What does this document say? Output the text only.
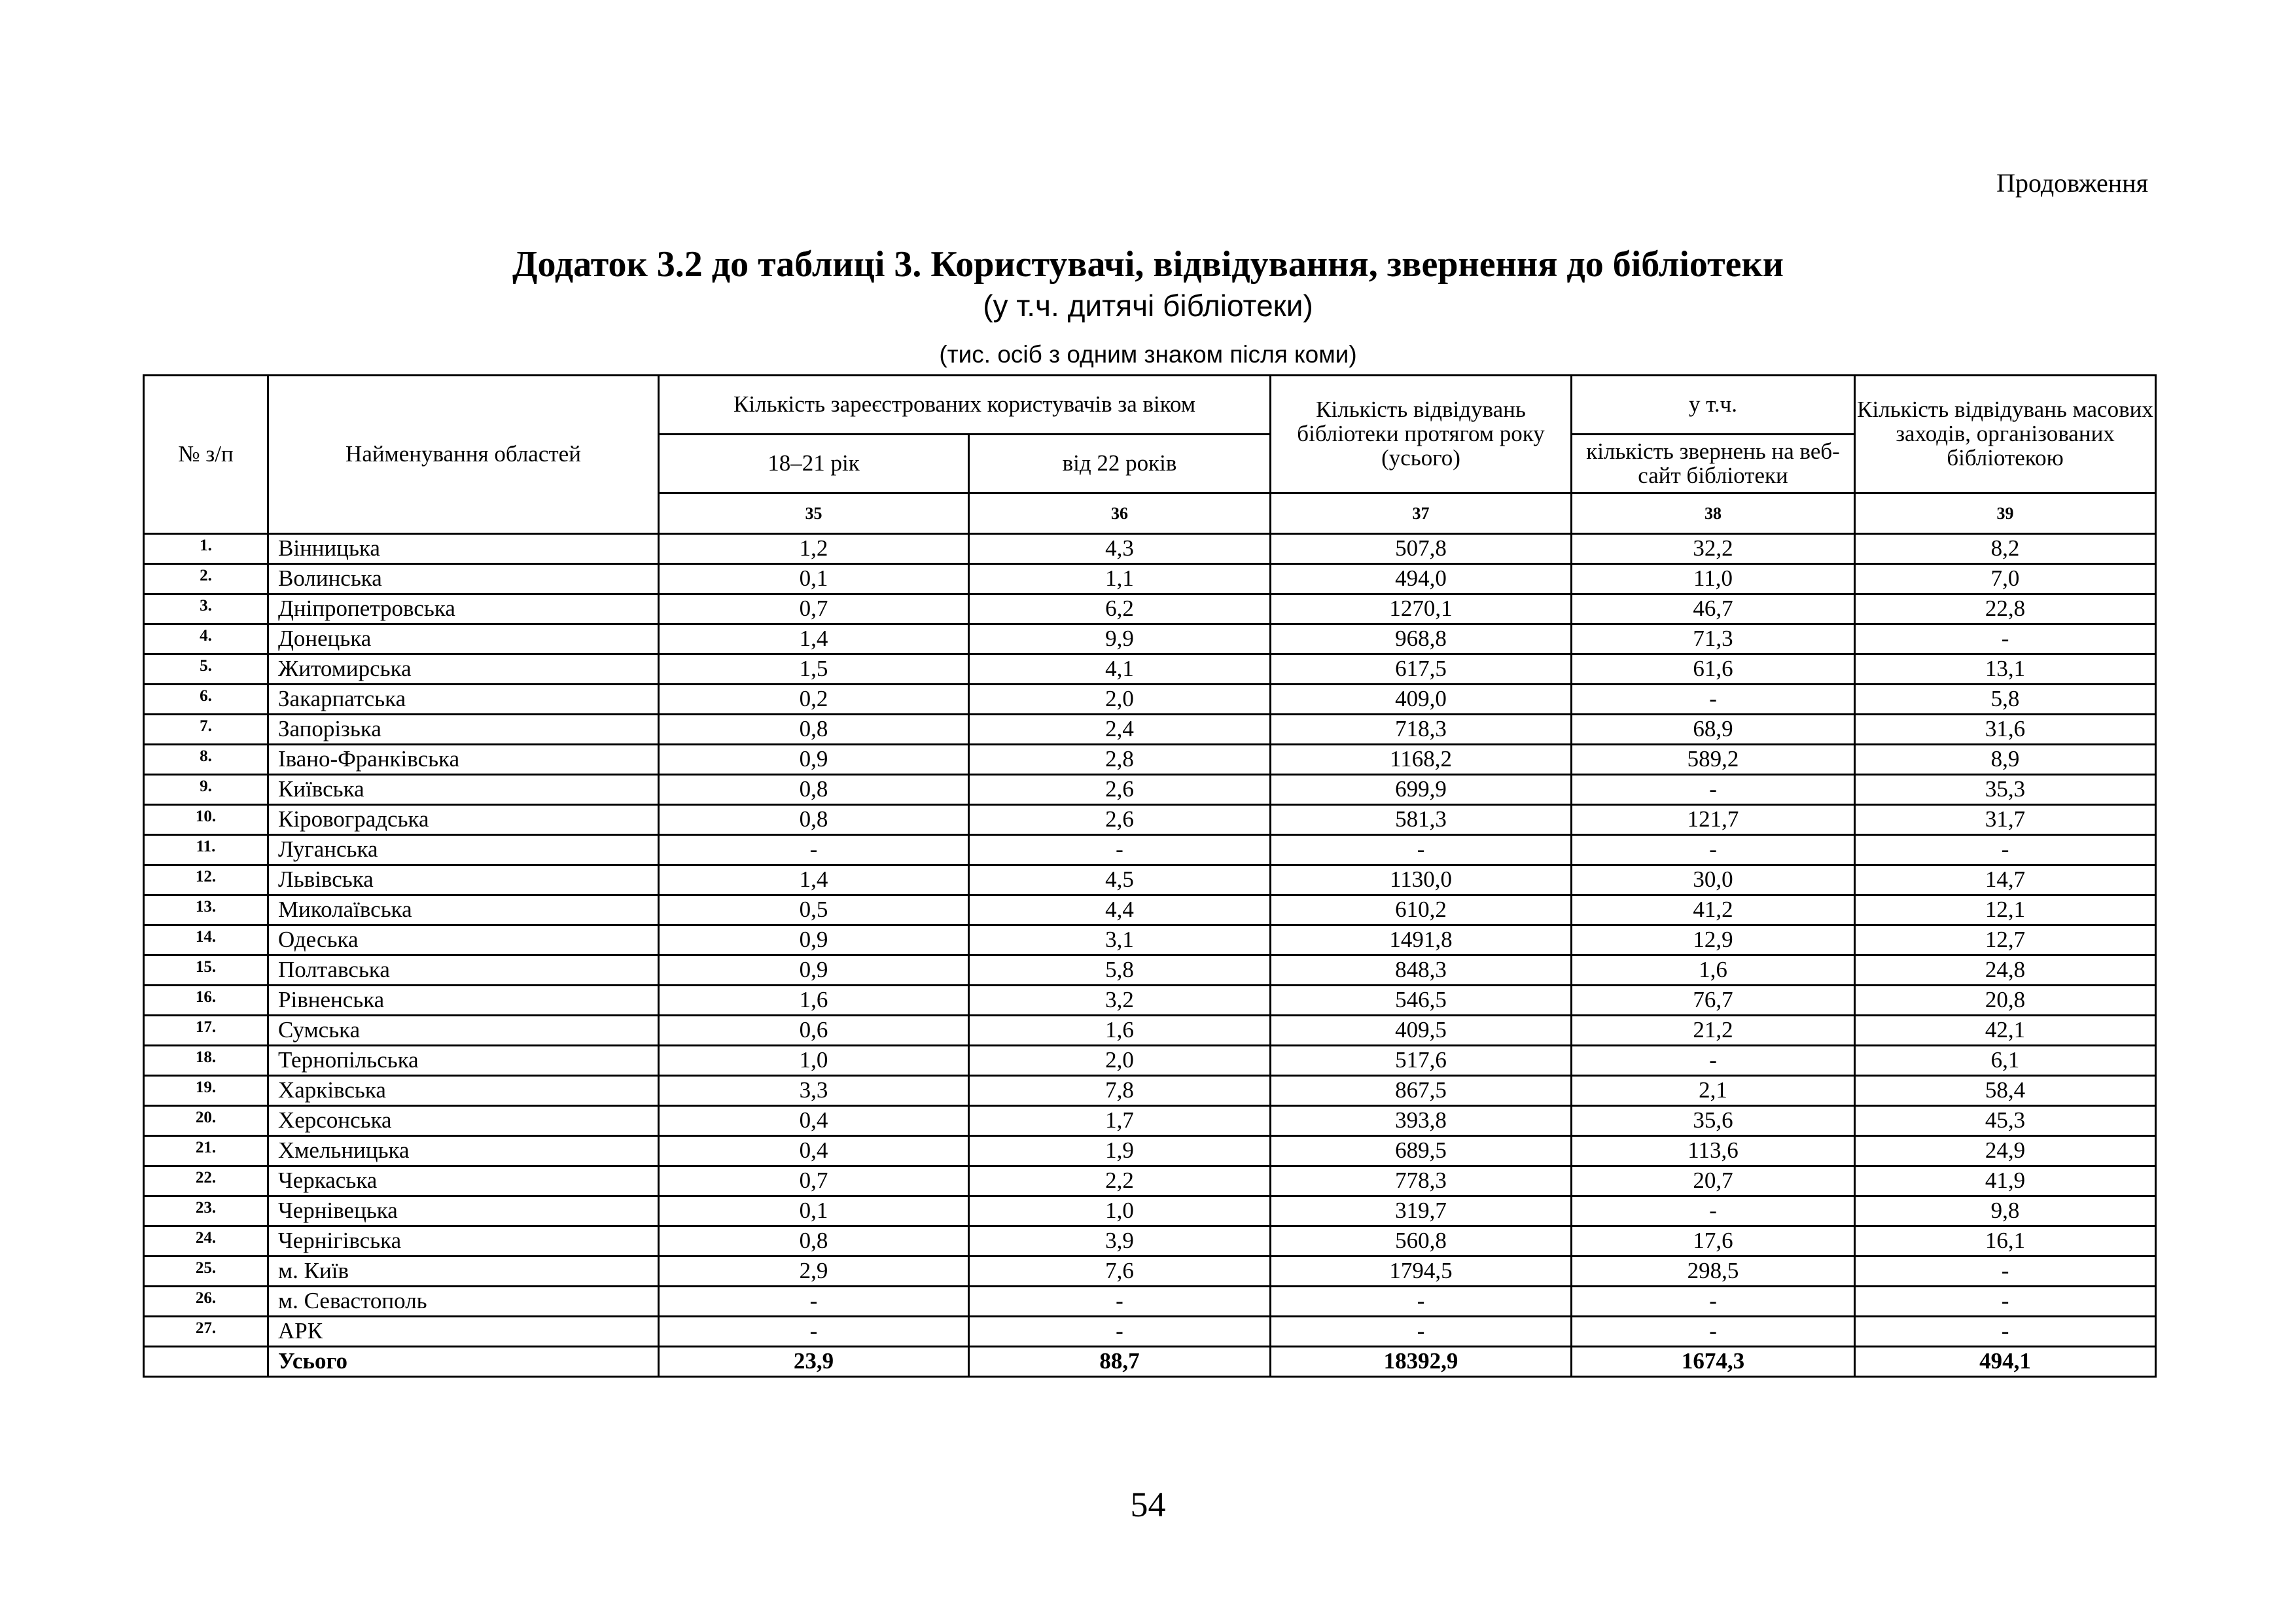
Продовження
Додаток 3.2 до таблиці 3. Користувачі, відвідування, звернення до бібліотеки
(у т.ч. дитячі бібліотеки)
(тис. осіб з одним знаком після коми)
№ з/п	Найменування областей	Кількість зареєстрованих користувачів за віком		Кількість відвідувань бібліотеки протягом року (усього)	у т.ч.	Кількість відвідувань масових заходів, організованих бібліотекою
		18–21 рік	від 22 років		кількість звернень на веб-сайт бібліотеки	
		35	36	37	38	39
1.	Вінницька	1,2	4,3	507,8	32,2	8,2
2.	Волинська	0,1	1,1	494,0	11,0	7,0
3.	Дніпропетровська	0,7	6,2	1270,1	46,7	22,8
4.	Донецька	1,4	9,9	968,8	71,3	-
5.	Житомирська	1,5	4,1	617,5	61,6	13,1
6.	Закарпатська	0,2	2,0	409,0	-	5,8
7.	Запорізька	0,8	2,4	718,3	68,9	31,6
8.	Івано-Франківська	0,9	2,8	1168,2	589,2	8,9
9.	Київська	0,8	2,6	699,9	-	35,3
10.	Кіровоградська	0,8	2,6	581,3	121,7	31,7
11.	Луганська	-	-	-	-	-
12.	Львівська	1,4	4,5	1130,0	30,0	14,7
13.	Миколаївська	0,5	4,4	610,2	41,2	12,1
14.	Одеська	0,9	3,1	1491,8	12,9	12,7
15.	Полтавська	0,9	5,8	848,3	1,6	24,8
16.	Рівненська	1,6	3,2	546,5	76,7	20,8
17.	Сумська	0,6	1,6	409,5	21,2	42,1
18.	Тернопільська	1,0	2,0	517,6	-	6,1
19.	Харківська	3,3	7,8	867,5	2,1	58,4
20.	Херсонська	0,4	1,7	393,8	35,6	45,3
21.	Хмельницька	0,4	1,9	689,5	113,6	24,9
22.	Черкаська	0,7	2,2	778,3	20,7	41,9
23.	Чернівецька	0,1	1,0	319,7	-	9,8
24.	Чернігівська	0,8	3,9	560,8	17,6	16,1
25.	м. Київ	2,9	7,6	1794,5	298,5	-
26.	м. Севастополь	-	-	-	-	-
27.	АРК	-	-	-	-	-
	Усього	23,9	88,7	18392,9	1674,3	494,1
54
